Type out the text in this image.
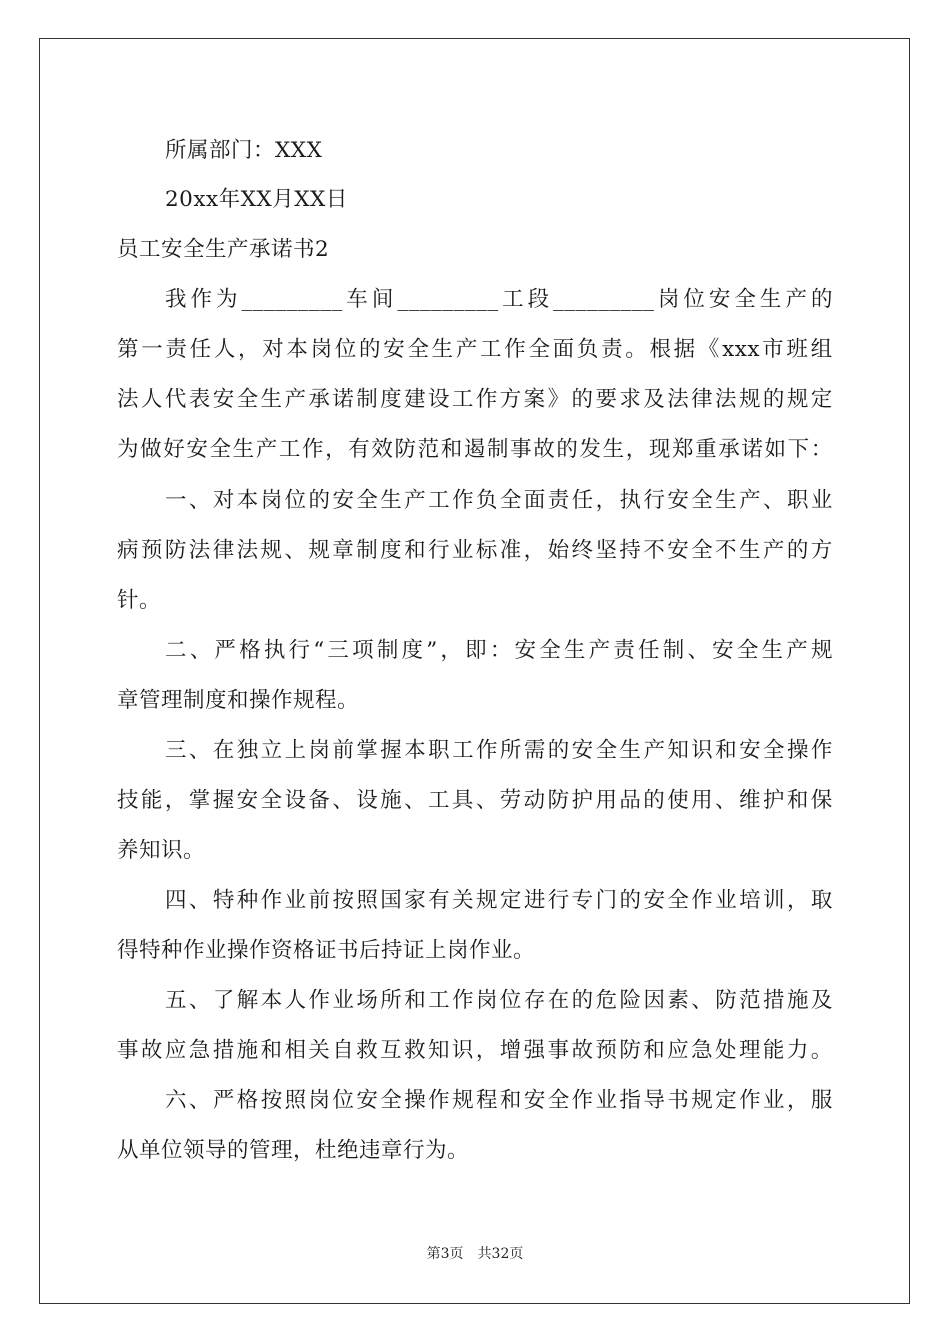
所属部门：XXX
20xx年XX月XX日
员工安全生产承诺书2
我 作 为 _________ 车 间 _________ 工 段 _________ 岗 位 安 全 生 产 的
第 一 责 任 人 ， 对 本 岗 位 的 安 全 生 产 工 作 全 面 负 责 。 根 据 《 xxx 市 班 组
法 人 代 表 安 全 生 产 承 诺 制 度 建 设 工 作 方 案 》 的 要 求 及 法 律 法 规 的 规 定
为 做 好 安 全 生 产 工 作 ， 有 效 防 范 和 遏 制 事 故 的 发 生 ， 现 郑 重 承 诺 如 下 ：
一 、 对 本 岗 位 的 安 全 生 产 工 作 负 全 面 责 任 ， 执 行 安 全 生 产 、 职 业
病 预 防 法 律 法 规 、 规 章 制 度 和 行 业 标 准 ， 始 终 坚 持 不 安 全 不 生 产 的 方
针。
二 、 严 格 执 行 “ 三 项 制 度 ” ， 即 ： 安 全 生 产 责 任 制 、 安 全 生 产 规
章管理制度和操作规程。
三 、 在 独 立 上 岗 前 掌 握 本 职 工 作 所 需 的 安 全 生 产 知 识 和 安 全 操 作
技 能 ， 掌 握 安 全 设 备 、 设 施 、 工 具 、 劳 动 防 护 用 品 的 使 用 、 维 护 和 保
养知识。
四 、 特 种 作 业 前 按 照 国 家 有 关 规 定 进 行 专 门 的 安 全 作 业 培 训 ， 取
得特种作业操作资格证书后持证上岗作业。
五 、 了 解 本 人 作 业 场 所 和 工 作 岗 位 存 在 的 危 险 因 素 、 防 范 措 施 及
事 故 应 急 措 施 和 相 关 自 救 互 救 知 识 ， 增 强 事 故 预 防 和 应 急 处 理 能 力 。
六 、 严 格 按 照 岗 位 安 全 操 作 规 程 和 安 全 作 业 指 导 书 规 定 作 业 ， 服
从单位领导的管理，杜绝违章行为。
第3页　共32页
